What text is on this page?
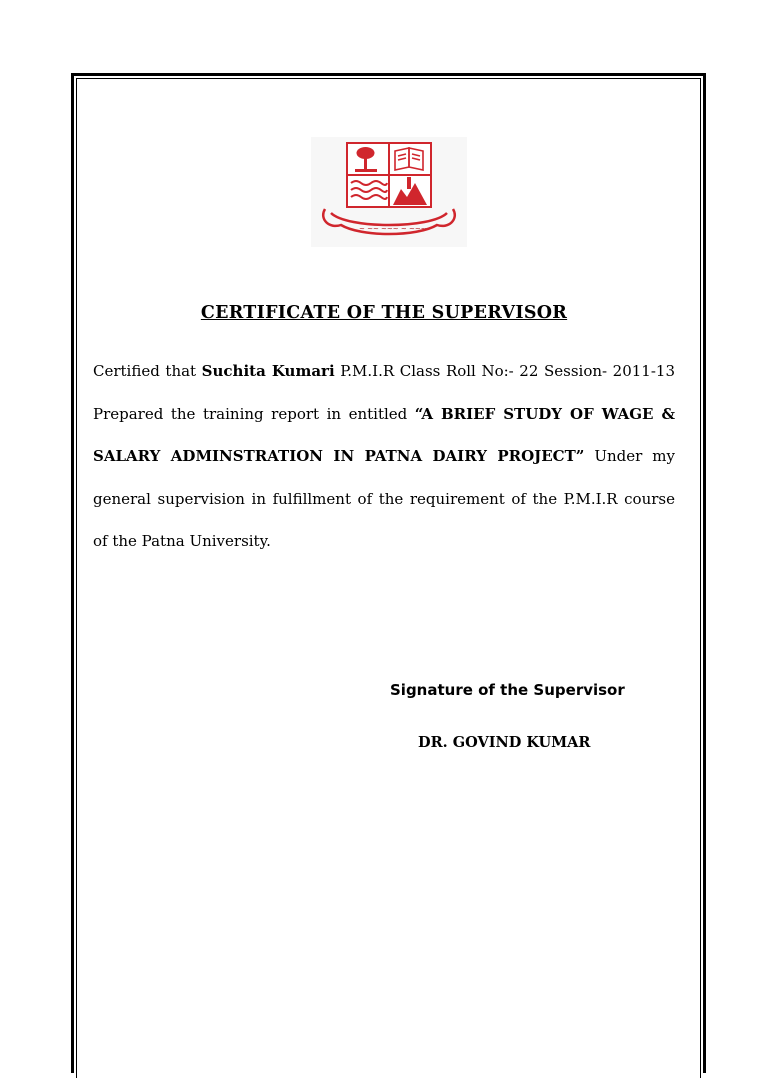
~ ~~ ~~~ ~ ~~~
CERTIFICATE OF THE SUPERVISOR
Certified that Suchita Kumari P.M.I.R Class Roll No:- 22 Session- 2011-13 Prepared the training report in entitled “A BRIEF STUDY OF WAGE & SALARY ADMINSTRATION IN PATNA DAIRY PROJECT” Under my general supervision in fulfillment of the requirement of the P.M.I.R course of the Patna University.
Signature of the Supervisor
DR. GOVIND KUMAR
